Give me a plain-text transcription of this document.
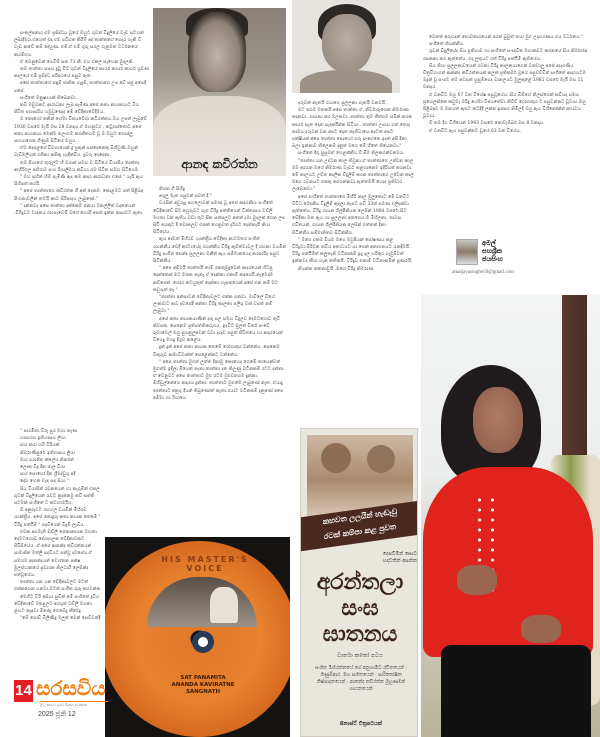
සංකල්පනාර එම ප්‍රසිද්ධය වූයේ ඔහුට ගුවන් විදුලියේ වැඩ සටහන් ලබාදීමය.එහෙත් එදා එම පටිගත කිරීම් අද් තාත්තගේ ගෙදර හැකි වී වැඩ ආවේ නම් දේහුණ. එම්.ඒ.එම් ගුරු සරල ගැනුමත වර්ධනයේ ආරම්භය.

ඒ වෙනුවෙන් ගෙවීම් සත 73 කී. එය එකල සෑහෙන මුදලකි.

තම තාත්තා පාදය දුටු විට ගුවන් විදුලියේ කාර්ය කාර්ය කාර්ය ශ්‍රවණ කාලයේ එම් ප්‍රසිද්ධ පරිසරයේ පසුව ඇත.

අපේ තාත්තාගේ සඳුම් ජාතික ගැදුම්, තාත්තාගෙ උප අව් පසු අපෙදි පසේ.

සංගීතේ මනුෂ්‍යයක් තිබෙනවා.

කවි මඩුවකට ආරාධනා ලැබ පැමිණ අපේ කතා නායකයාට විය ජීවිත පහසාරිය හමුවුණෙද මේ වේදිකාවේදීමය.

ඔ නොහෝ තනින් හේමා විජයවේරා කවිරත්නය.ඔය උපත් ලැබුවේ 1930 වසරේ මැයි මස 28 වනදාය.ඒ මහනුවර , කටුගස්තොට.අපේ කතා නායකයා මෙන්ම තලාගම කරනීතයම වූ ඔ ඔහුට ගොස්ලූ සහයාගෙන ගිණුම සිටියේ ඔහුය.

ඒම දෙපළගේ විවාහයෙන් දු පුතුන් පස්දෙනෙකු බිහිවුණි.ඔහුන් වැඩිමලියන් රතිනා නම්කු හැඳින්විය. දුවරු දෙදෙනා.

තම පියාගේ තුරුල්ට හි වරාන් සමඟ ව සිටියේ වියාපිය තාත්තා ආහිරිගල අභිරාම සංග රියාලීමය.කවියා ගම සිටින සමඟ සිටියෙම.

" මහ සහින් හිම් පැමිණී ඇද කම ආදර ආරාධනා එසේ." යැයි ඇය සිහිපත් කරයි.

" අපේ තාත්තාගෙ කවිරත්න ගී අත් දෙකම. කොළඹට පත් පිළිබඳ පිංගනාවලින් තමයි කාට සිරිපාදය ලැබුණේ."

" දන්නවද.අපෙ තාත්තා දක්කෙම ජනයා මනල්ලිත් වදනයෙන් .විරිදුවට වාදනය රඟපෑවෙම් වගේ හොරි අපත් ඉන්න ආසාවට ඇතා.

" පාරමිතා වීරු සුර මහා නැණ

හාසාරය ඉතිහාසය ලියා

පාර කරා හරි විරියක්

නිර්වාණිපුරේ ඉතිහාසය ලියා

මාර පරාජිත ක්ලේශ නිර්නන්

ලොක විදු දීන ජාල වීයා

සාර සොහෝ දින ශ්‍රීමද්වුශු අදී

දෝශ හෙන වැඳ සඳ සියා "

සිය වියාපින් රචනයෙන් හා නැගුමින් එකල ගුවන් විදුලියෙන් රැවට නුදනෙමු කවි සත්ති සටමන් සංගීතේ ට කටහාර්මිය.

ඕ අනුරුවට රඟහල වයමින් මිහිරව ශ්‍යන්ත්‍රීය. අපේ නොදුරු කතා නායක තෙමේ " විරිදු පත්ථිම් " පදවියෙන් විදුමි ලැබීය.

එවක අගමැති ඩඩ්ලි සේනානායක මහතා දෙමටගොඩ දේශපාලන වේදිකාවකට පිවිසියේය. ඒ අපේ ආනන්ද කවිරත්නයන් සාමාජික මත්ලි පදවියට පත්වූ දවසේය.ඒ සමහම ආනන්දයන් ව්‍යෝතන පක්ෂ මුලස්ථානයේ ප්‍රචාරක නිලධාරී ලෙසින්ද පත්වූයේය.

තාත්තා යන යන වේදිකාවලට මටත් එක්කගෙන යනවා.මටත් සංගීත ගුරු කරවන්න.

මෙහිට වීරි අසියා සුවින් මේ සංගීතේ ද්‍රවිය වේදිකාවේ මතපුලට අරගුත් වඩ්ලී මහතා ළඟට කැඳවා මීපේදු ගෙබේදු කීරේදු .

"මේ පොඩි බිලිණිදු මලුත් මෙන් සෙව්වන්දී

ආනඳ කවිරත්න

තියන ගී සිහිදු

අගුලු මැත ගපුවන් පවත් දී."

වයසින් අවුරුදු පහලොවක් පමණ වූ අපේ ආදරණීය සංගීතේ වේදිකාවේ සිට අහුරුවට ගැළු විරිදු පත්තියෙන් වින්තාසය වඩ්ලී මහතා වන ඇතිය වඩා තුට පින සත්සලුට අතක් දමා මුදලක් ගෙන ලප සිටි අයකුට දී වොකලුව එකක් හෙනුවන් දැරිගට දෙන්නැයි කියා සිටියේය.

ඇය අද්වත් මිහිරව ශ්‍යන්ත්‍රීය.වේදිකා නාටමයේ සංගීත් රඟන්නීය.වෙදි නාට්‍යයේද රඟන්නීය.විරිඳු ඇඩ්ත්වාවල දී රඟනා වයමින් විරිදු සංගීත සෙන්ද සුලලනා මනීත් ඇය සම්මානයෙද කරපාරිද පසුව සිටින්නීය.

" අපෙ අම්මයි තාත්තයි තාම් රකතුමුදුවෙන් ආදරයෙන් හිටපු දෙන්නෙක් මට මතක තැනෑ.ඒ දෙන්නා එකාම් ආදරෙයි.නෑමෙද්ම කව්පෙක් .ගෙදර කටයුතුත් දෙන්නා හැසතයෙන්.අපේ එක කම් මට කවුරුත් නෑ."

"තාත්තා අන්සාවන් වේදිකාවලට එන්න ගනවා. මාවිලේ විශේ ලංකාවට ආව දවසේදී අන්තා විරිදු කාලතා පලිගු වක් වසත් නම් ලැබුවා."

අපේ කතා නායකයාණින් දරු පල සමඟ විදුලව දෙමටගොඩ තුටි නිවසක, සෙනෙම ප්‍රතිපත්තිකරුගය. ඉදවිට මුලත් වීර්ත් සංවේ රූවාවෙල් ඔහු සුගනුලුවෙන් වඩා දැරුව පසුත් ජීවිතයෙ හා ආදරයෙන් විශෙදු මහදු දිගුව කළේය.

දුන් දුන් අපේ කතා නායක තෙමේ රෝගාතුර වන්නේය. සෙනෙම විකුරුව ආමාධීවාක්ත් පෙළෙන්නට වන්නේය.

" අපෙ තාත්තා මුළුත් ලුත්ත දිනාමු කොහෙද ගෙමේ.තායෙන්වත් මුළුත්ම ඉදිලා මියෙන් නැතා.තාත්තා දත කිලුණු වටිනකම් රටට දන්නා. ඒ වෙනුවට අපෙ තාත්තාට මුළු රටම මුළුවනගම දුන්නා. ම්හිඩුල්නේගෙ ආදරය දුන්නා. තාත්තාට මුළුත්ම ලැබුණේ නැත. ඒයාදු තාත්තාට අනුගු දියත් තිබුණෝත් නැතා.රයාට වටිනකම් දැනුණේ අපෙ අම්මා හා රියායෙ

දරුවන් නැතයි රයාගෙ සුලලනා ගැතයි වනවයි.

මට තරම මතනයි.අපෙ තාත්තා ඒ, නිර්වාරුගෙන නිර්මාණ කදනවා..ගායනා කර මලනවා..තාත්තා තුම තීත්ගම සමින් කරන කාර්ය සැත දොත සැදර්කීන්න සිටියා.. තාත්තා උපයා ගත් තොද නාමය දරුවන් වන අපට දොත නැතිවායෙ.අදටත් අපට පක්ෂියන්.අපෙ තාත්තා පොහෝ ගරු සංගෙනෙ ඉදත් අපි දිනා බලා ඉන්නාව තිලෙනම් දැනුත් මගෙ මේ හිතේ තියෙනවා."

සංගීතේ දිගු සුසුමත් හෙළන්නීය.ඕ මිම නිලනගන්වනමය.

"තාත්තා යන උද්ධන කාල තිවුනා.ඒ තාත්තාගෙ උජ්වන කාල මම අරගන මගේ නිර්මාණ වැඩට කළහානෙම ඉදිරියත් කරනවා. මේ කාලයට උච්ත කාලීන විදුලිම් කරන තාත්තාගෙ උජ්වන කාල මගෙ රචනයට එකතු කරගන්නවා.ඇත්තමයි හොද ප්‍රතිචාර ලැබෙනවා."

අපේ සංගීතේ තාත්තාගෙ මිහිරි කාල මුලුකොට මේ වනවිට විවිධ මෙදනීය විදුලිම් ඇදලා නැපට සවි 33ත් පමණ එලිදක්වා ඇත්තේය. විරිදු ගායන ශිල්පීනියක ලෙසින් 1984 වසරේ සිට වේදිකා මත ඇය හා සුලලනා අතගෙය.ඕ මිහිලකා, තාවස එවිතයන්, ගායන ශිල්පීනියක ලෙසින් ගත්තක් දිනා සිටින්නීය.සම්මානිතව සිටින්නීය.

" මගෙ එකම වියම මගෙ මවුපියන් පෝෂණය කළ විරිදුවා.මිරිවන කවිය අතාධයට යා ගෙන් අනාගතයට රැකදීමයි. විරිදු පත්ථිම්ත් කලූතැනි වටිනාකම් ඉදු දල හරිතුර ගැමුමීවන් ඉන්නවද කීයා හැන කතිනයි..විරිදුව එකාම් වටිනාකමින් පූර්ණයි.

නියන්න කතනාවුයි..මගේ විරිදු නිර්මාණ

වෙතත් අරුහදත් අභාවකාරයෙන් අරන් බුවුත් තයා මුළු උදාහරණය.එය වර්ධනය."

සංගීතේ කියන්නීය.

ගුවන් විදුලියේද සිය ප්‍රතිභාව හා සංගීතේ සංඥවීන මහාකවට කරනයේ සිය නිර්මාණ රසකතා කර ඇත්තේය. එදා ලුතුයට රත් විරිදු පත්ථිම් ඇතියේය.

සිය තියා සුලලනාවයෙන් රචනා විරිදු කාලනයාගෙන් වනවාලු අපේ ආදරණීය චිත්‍රවිහංගන් ආනන්ද කවිරත්නයන් කලුක් ප්‍රතිකර්ම වූයේ පසුවච්චිත් සංගීතේ ආදරයටම ඔදුන් වූ සංගම තම අවසන් හුසුම්ගෙද වානලයට මුලුකුළේ 1981 වසරේ මැයි මස 11 වනදාය.

ඒ වනවිට ඔහු 67 වන විශේෂ පසුවූයේය..සිය බිම්හේ නිලස්ගෙන් කවියද සමඟ ප්‍රහෙලක්කෙ කවුමැ ඔරිදු හේමා විජයතේවා නිට්ඩ් රෝගාතුර ට පසුවන්නට වූවාය.ඔහු පිළිබඳව ඔ මනයත් ඇසට කටදිදී ලක්න ඉස්සර නිමිලදී ඔහු ඇය විශිනෝක්ත් අභාවය වූවාය.

ඕ තම දිග විශියෙන් 1993 වසරේ නොවැම්බර් මස 8 වනදාය.

ඒ වනවිට ඇය පසුවන්නට වූයේ 63 වන වියේය.

අමල්
සහශ්‍රීක
ජයසිංහ
amaljayasinghe59@gmail.com
HIS MASTER'S VOICE
SAT PANAMITA
ANANDA KAVIRATNE
SANGNATH
කහවත ලලයින් හැඬෑවු
රටක් කම්පා කළ පුවත
දෙසවිමින් සොට
හදවතින් අසන්න
අරන්තලා
සංඝ
ඝාතනය
වාර්තා කතෝ පටය
සංගීත මිහිරත්නයේ ගේ අනුගාමීව රචිතයෙන් · ගිණුම්ආර. මහ සහිතයෙන් · පාරිතෝෂිත නිෂ්පාදනයෙන් · ආනන්ද කවිරත්න මුහුණමන් ගායනයෙන්
සිනාස්ට් චිත්‍රපටයක්
14 සරසවිය
ශ්‍රී ලංකාවේ ප්‍රථම සිනමා පුවත්පත
2025 ජූනි 12
